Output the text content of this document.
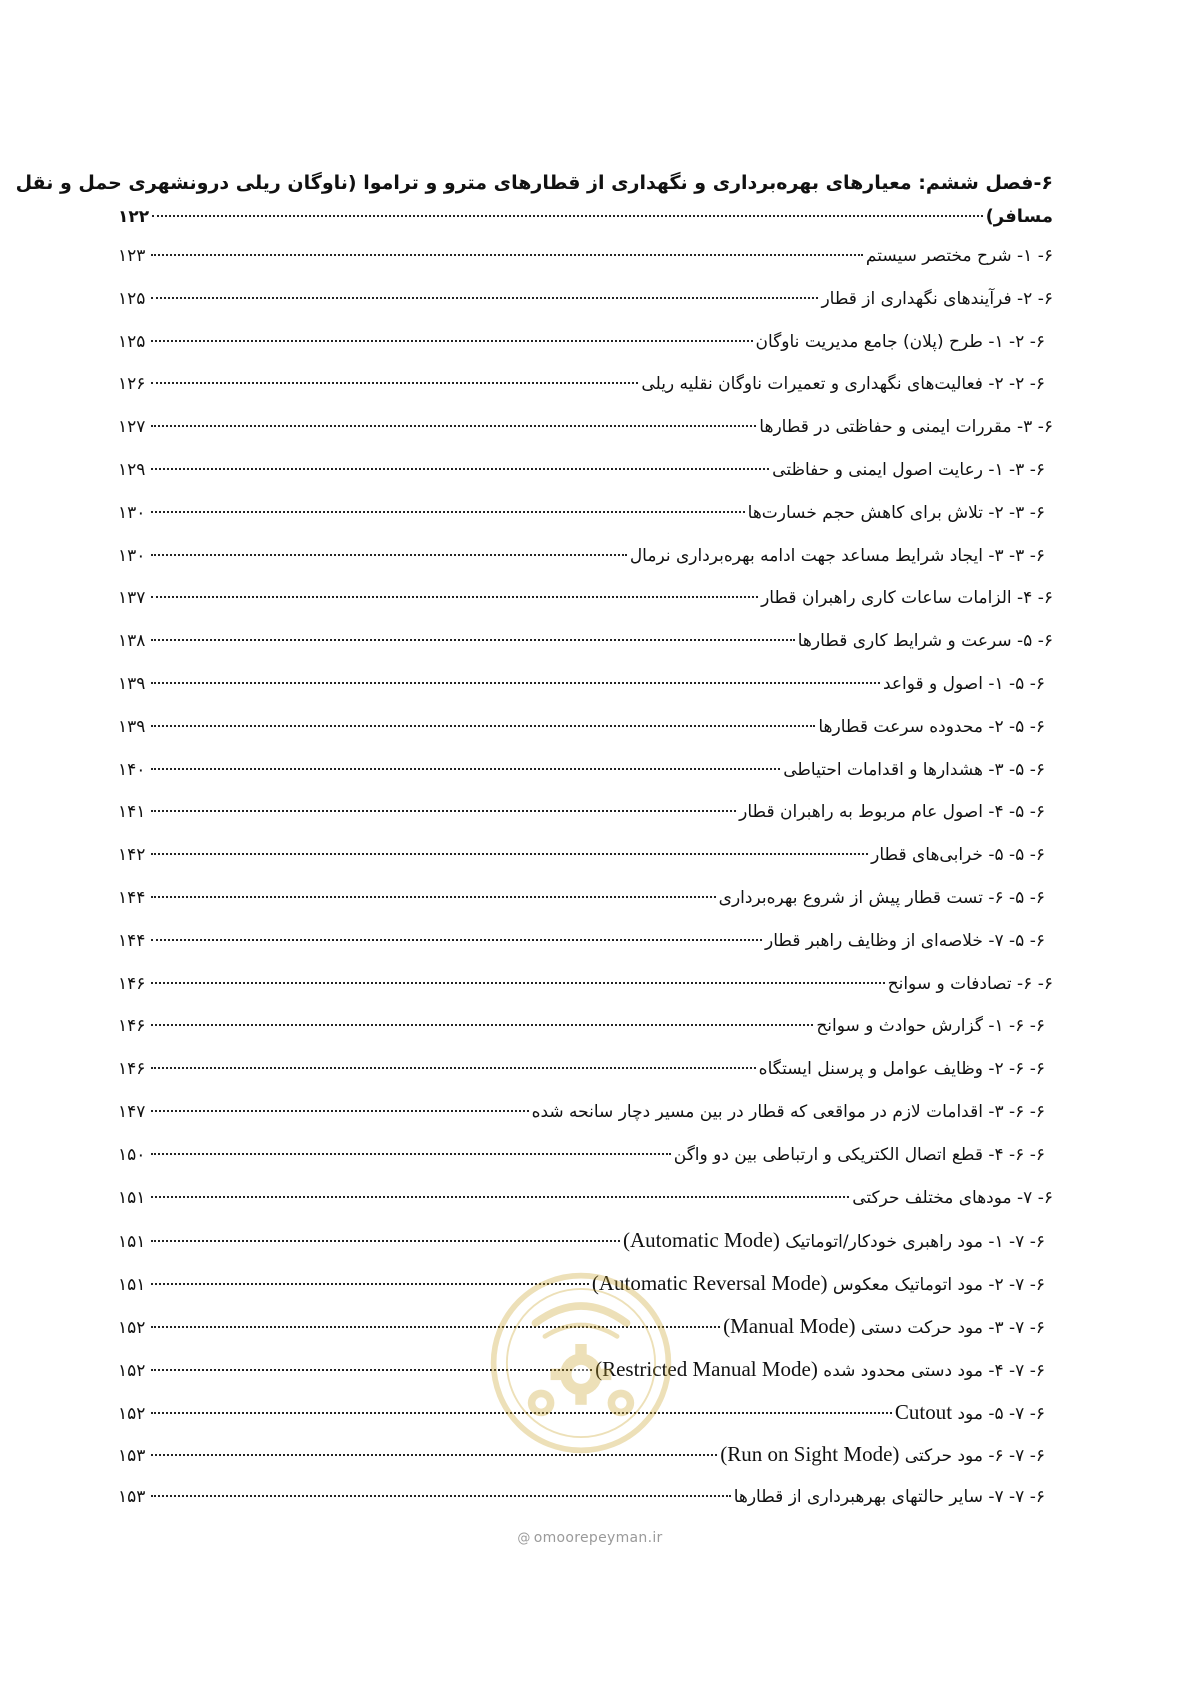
۶-فصل ششم: معیارهای بهره‌برداری و نگهداری از قطارهای مترو و تراموا (ناوگان ریلی درونشهری حمل و نقل
مسافر)
۱۲۲
۶- ۱- شرح مختصر سیستم
۱۲۳
۶- ۲- فرآیندهای نگهداری از قطار
۱۲۵
۶- ۲- ۱- طرح (پلان) جامع مدیریت ناوگان
۱۲۵
۶- ۲- ۲- فعالیت‌های نگهداری و تعمیرات ناوگان نقلیه ریلی
۱۲۶
۶- ۳- مقررات ایمنی و حفاظتی در قطارها
۱۲۷
۶- ۳- ۱- رعایت اصول ایمنی و حفاظتی
۱۲۹
۶- ۳- ۲- تلاش برای کاهش حجم خسارت‌ها
۱۳۰
۶- ۳- ۳- ایجاد شرایط مساعد جهت ادامه بهره‌برداری نرمال
۱۳۰
۶- ۴- الزامات ساعات کاری راهبران قطار
۱۳۷
۶- ۵- سرعت و شرایط کاری قطارها
۱۳۸
۶- ۵- ۱- اصول و قواعد
۱۳۹
۶- ۵- ۲- محدوده سرعت قطارها
۱۳۹
۶- ۵- ۳- هشدارها و اقدامات احتیاطی
۱۴۰
۶- ۵- ۴- اصول عام مربوط به راهبران قطار
۱۴۱
۶- ۵- ۵- خرابی‌های قطار
۱۴۲
۶- ۵- ۶- تست قطار پیش از شروع بهره‌برداری
۱۴۴
۶- ۵- ۷- خلاصه‌ای از وظایف راهبر قطار
۱۴۴
۶- ۶- تصادفات و سوانح
۱۴۶
۶- ۶- ۱- گزارش حوادث و سوانح
۱۴۶
۶- ۶- ۲- وظایف عوامل و پرسنل ایستگاه
۱۴۶
۶- ۶- ۳- اقدامات لازم در مواقعی که قطار در بین مسیر دچار سانحه شده
۱۴۷
۶- ۶- ۴- قطع اتصال الکتریکی و ارتباطی بین دو واگن
۱۵۰
۶- ۷- مودهای مختلف حرکتی
۱۵۱
۶- ۷- ۱- مود راهبری خودکار/اتوماتیک (Automatic Mode)
۱۵۱
۶- ۷- ۲- مود اتوماتیک معکوس (Automatic Reversal Mode)
۱۵۱
۶- ۷- ۳- مود حرکت دستی (Manual Mode)
۱۵۲
۶- ۷- ۴- مود دستی محدود شده (Restricted Manual Mode)
۱۵۲
۶- ۷- ۵- مود Cutout
۱۵۲
۶- ۷- ۶- مود حرکتی (Run on Sight Mode)
۱۵۳
۶- ۷- ۷- سایر حالتهای بهرهبرداری از قطارها
۱۵۳
@ omoorepeyman.ir
